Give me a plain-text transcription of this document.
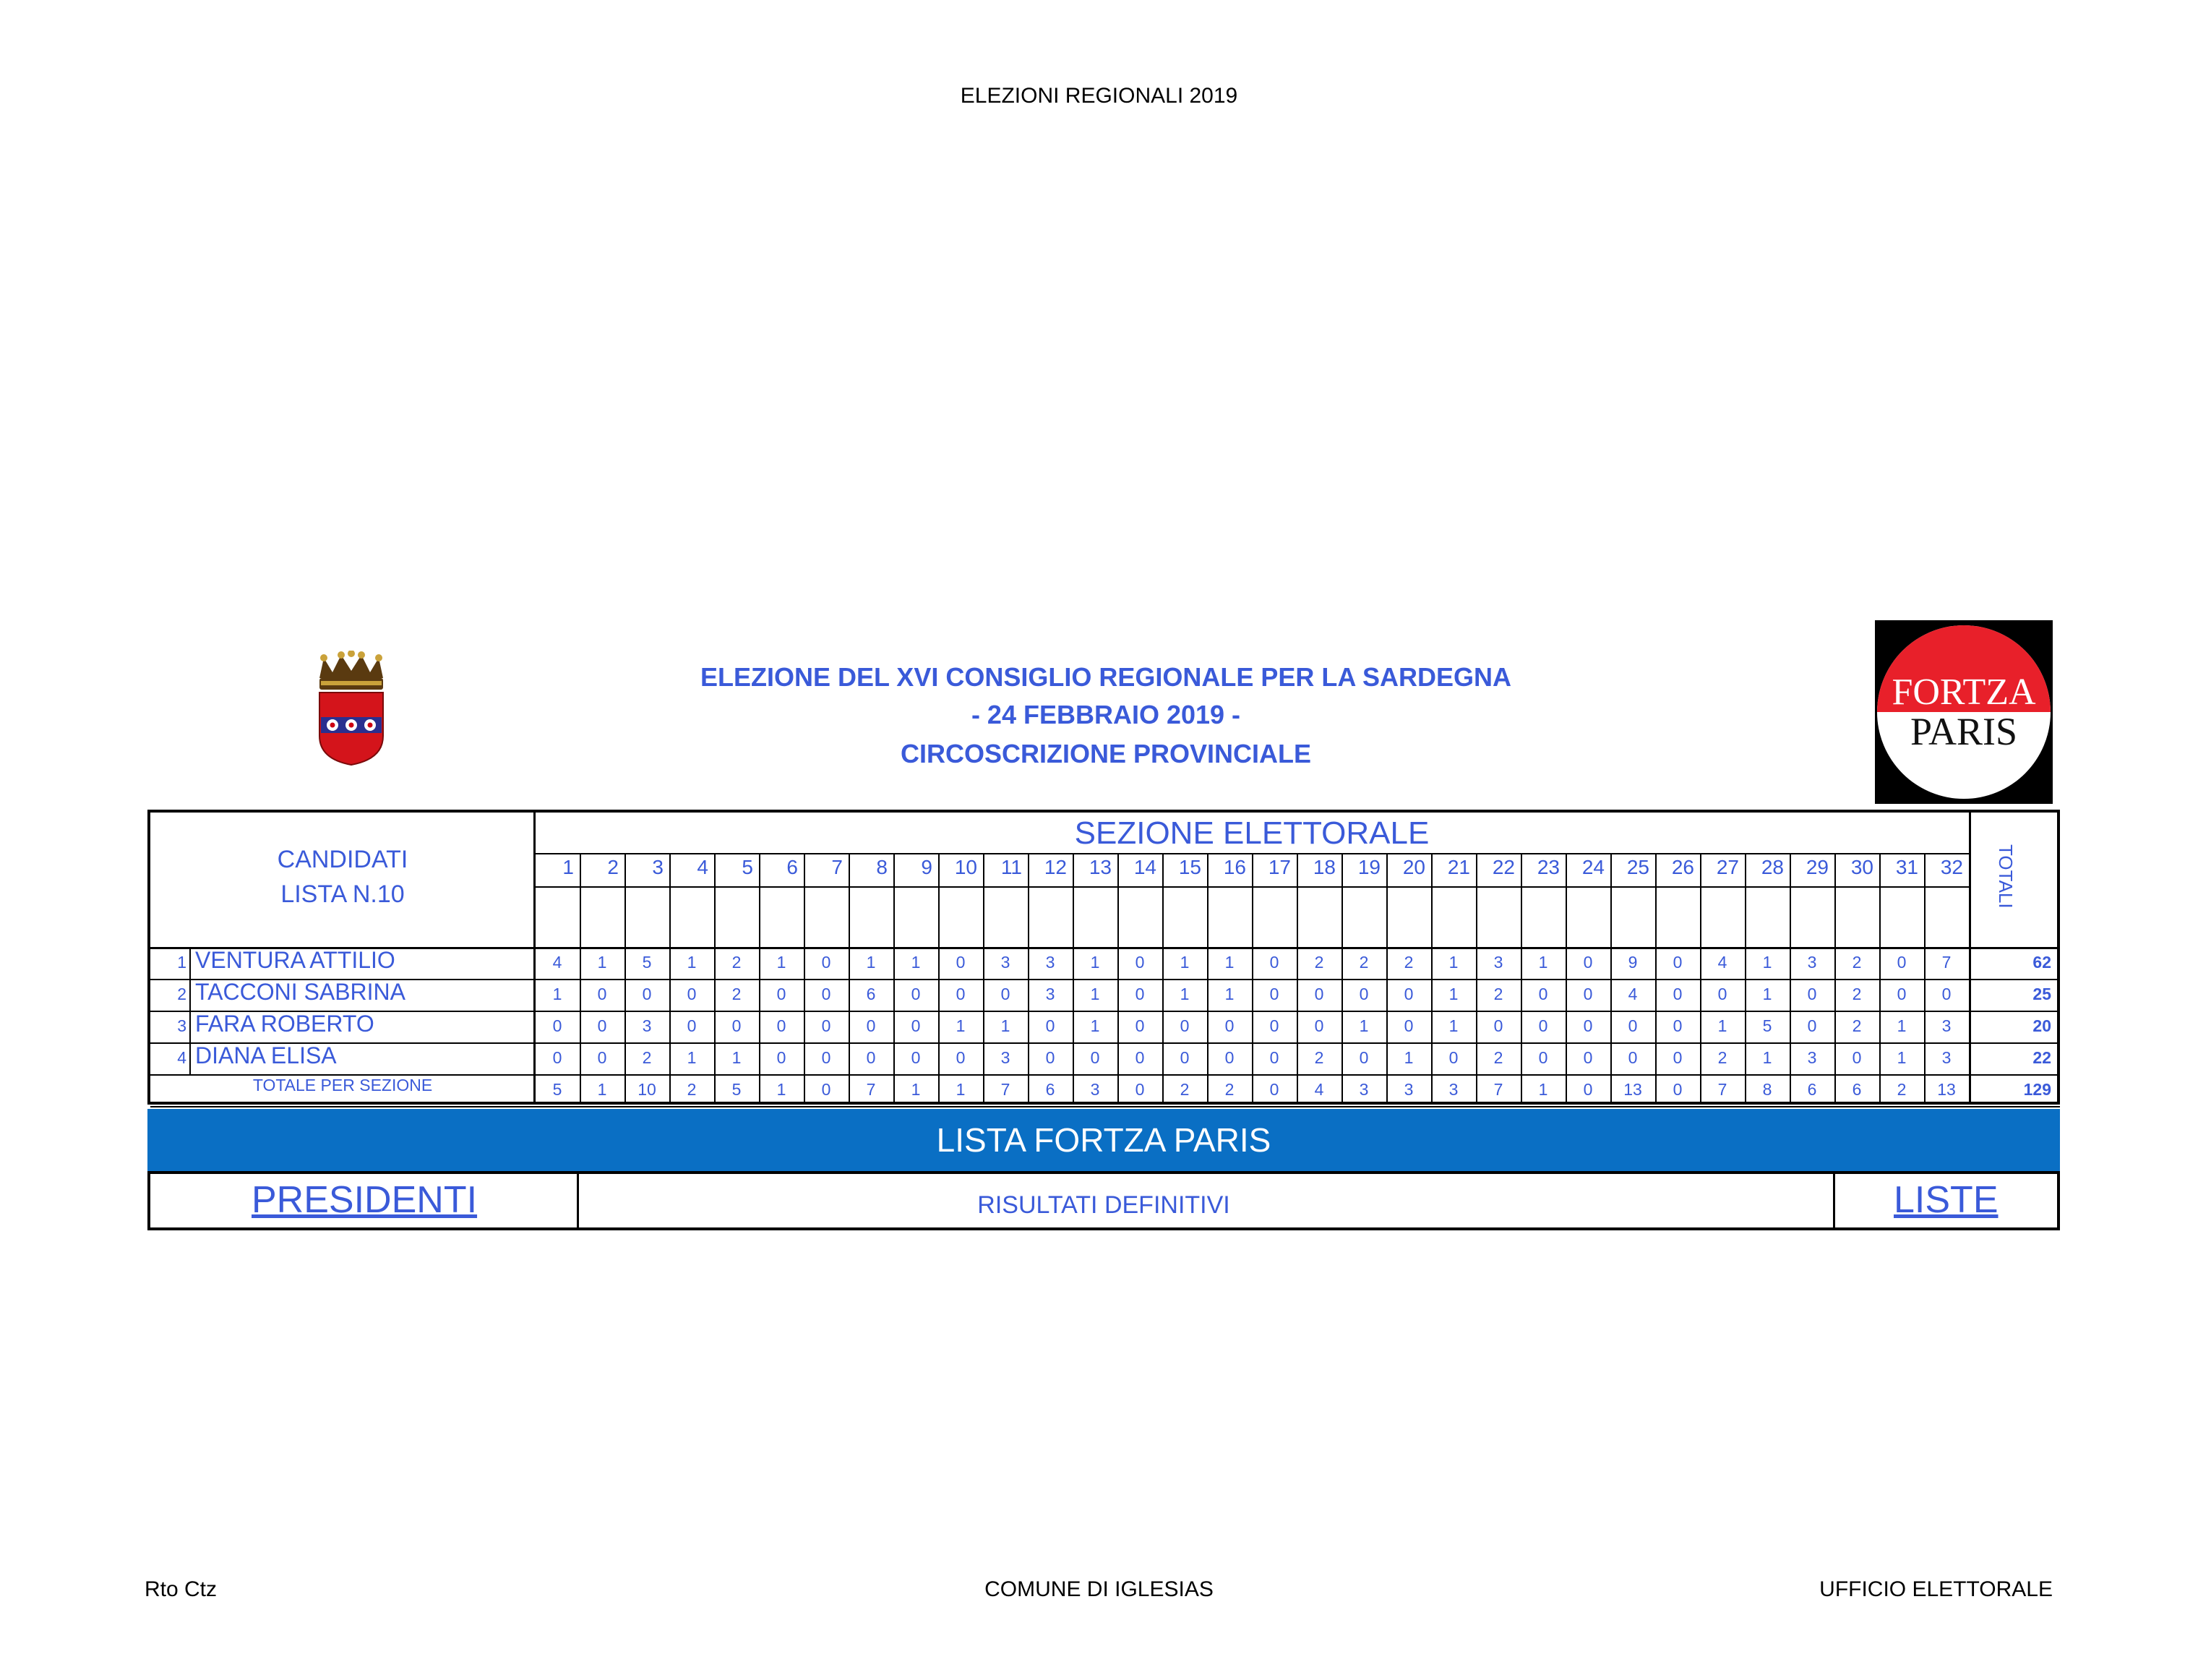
ELEZIONI REGIONALI 2019
ELEZIONE DEL XVI CONSIGLIO REGIONALE PER LA SARDEGNA
- 24 FEBBRAIO 2019 -
CIRCOSCRIZIONE PROVINCIALE
FORTZA
PARIS
CANDIDATI
LISTA N.10
SEZIONE ELETTORALE
TOTALI
1	2	3	4	5	6	7	8	9	10	11	12	13	14	15	16	17	18	19	20	21	22	23	24	25	26	27	28	29	30	31	32
1 VENTURA ATTILIO	4	1	5	1	2	1	0	1	1	0	3	3	1	0	1	1	0	2	2	2	1	3	1	0	9	0	4	1	3	2	0	7	62
2 TACCONI SABRINA	1	0	0	0	2	0	0	6	0	0	0	3	1	0	1	1	0	0	0	0	1	2	0	0	4	0	0	1	0	2	0	0	25
3 FARA ROBERTO	0	0	3	0	0	0	0	0	0	1	1	0	1	0	0	0	0	0	1	0	1	0	0	0	0	0	1	5	0	2	1	3	20
4 DIANA ELISA	0	0	2	1	1	0	0	0	0	0	3	0	0	0	0	0	0	2	0	1	0	2	0	0	0	0	2	1	3	0	1	3	22
TOTALE PER SEZIONE	5	1	10	2	5	1	0	7	1	1	7	6	3	0	2	2	0	4	3	3	3	7	1	0	13	0	7	8	6	6	2	13	129
LISTA FORTZA PARIS
PRESIDENTI	RISULTATI DEFINITIVI	LISTE
Rto Ctz	COMUNE DI IGLESIAS	UFFICIO ELETTORALE
